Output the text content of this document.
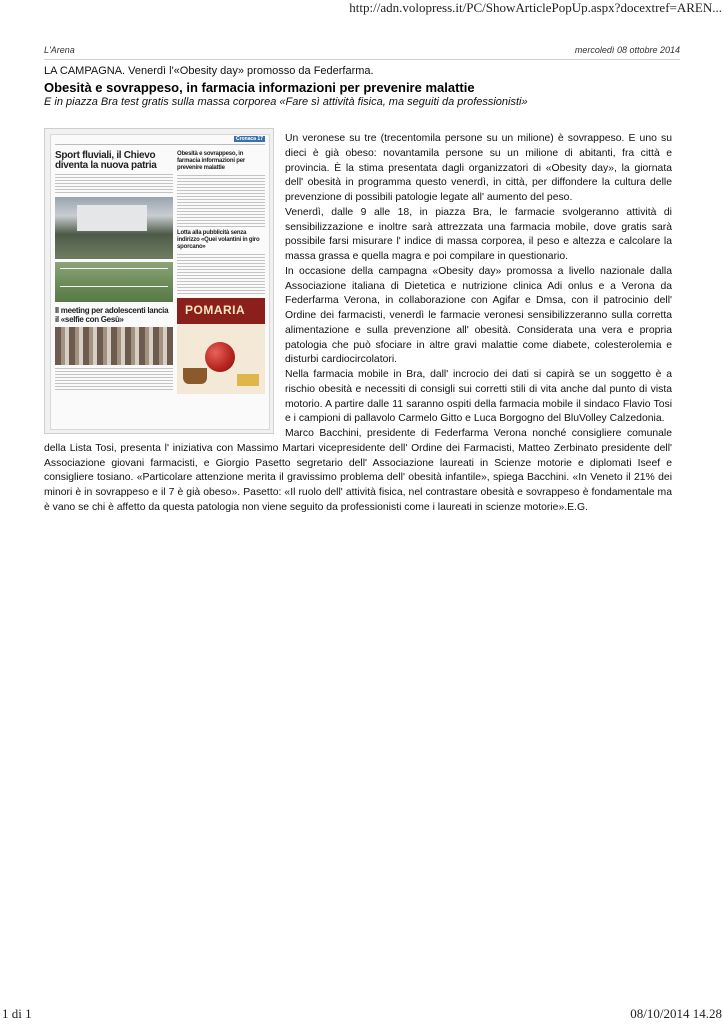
http://adn.volopress.it/PC/ShowArticlePopUp.aspx?docextref=AREN...
L'Arena	mercoledì 08 ottobre 2014
LA CAMPAGNA. Venerdì l'«Obesity day» promosso da Federfarma.
Obesità e sovrappeso, in farmacia informazioni per prevenire malattie
E in piazza Bra test gratis sulla massa corporea «Fare sì attività fisica, ma seguiti da professionisti»
Cronaca 17
Sport fluviali, il Chievo diventa la nuova patria
Il meeting per adolescenti lancia il «selfie con Gesù»
Obesità e sovrappeso, in farmacia informazioni per prevenire malattie
Lotta alla pubblicità senza indirizzo «Quei volantini in giro sporcano»
POMARIA

Un veronese su tre (trecentomila persone su un milione) è sovrappeso. E uno su dieci è già obeso: novantamila persone su un milione di abitanti, fra città e provincia. È la stima presentata dagli organizzatori di «Obesity day», la giornata dell' obesità in programma questo venerdì, in città, per diffondere la cultura delle prevenzione di possibili patologie legate all' aumento del peso.

Venerdì, dalle 9 alle 18, in piazza Bra, le farmacie svolgeranno attività di sensibilizzazione e inoltre sarà attrezzata una farmacia mobile, dove gratis sarà possibile farsi misurare l' indice di massa corporea, il peso e altezza e calcolare la massa grassa e quella magra e poi compilare in questionario.

In occasione della campagna «Obesity day» promossa a livello nazionale dalla Associazione italiana di Dietetica e nutrizione clinica Adi onlus e a Verona da Federfarma Verona, in collaborazione con Agifar e Dmsa, con il patrocinio dell' Ordine dei farmacisti, venerdì le farmacie veronesi sensibilizzeranno sulla corretta alimentazione e sulla prevenzione all' obesità. Considerata una vera e propria patologia che può sfociare in altre gravi malattie come diabete, colesterolemia e disturbi cardiocircolatori.

Nella farmacia mobile in Bra, dall' incrocio dei dati si capirà se un soggetto è a rischio obesità e necessiti di consigli sui corretti stili di vita anche dal punto di vista motorio. A partire dalle 11 saranno ospiti della farmacia mobile il sindaco Flavio Tosi e i campioni di pallavolo Carmelo Gitto e Luca Borgogno del BluVolley Calzedonia.

Marco Bacchini, presidente di Federfarma Verona nonché consigliere comunale della Lista Tosi, presenta l' iniziativa con Massimo Martari vicepresidente dell' Ordine dei Farmacisti, Matteo Zerbinato presidente dell' Associazione giovani farmacisti, e Giorgio Pasetto segretario dell' Associazione laureati in Scienze motorie e diplomati Iseef e consigliere tosiano. «Particolare attenzione merita il gravissimo problema dell' obesità infantile», spiega Bacchini. «In Veneto il 21% dei minori è in sovrappeso e il 7 è già obeso». Pasetto: «Il ruolo dell' attività fisica, nel contrastare obesità e sovrappeso è fondamentale ma è vano se chi è affetto da questa patologia non viene seguito da professionisti come i laureati in scienze motorie».E.G.

1 di 1	08/10/2014 14.28
